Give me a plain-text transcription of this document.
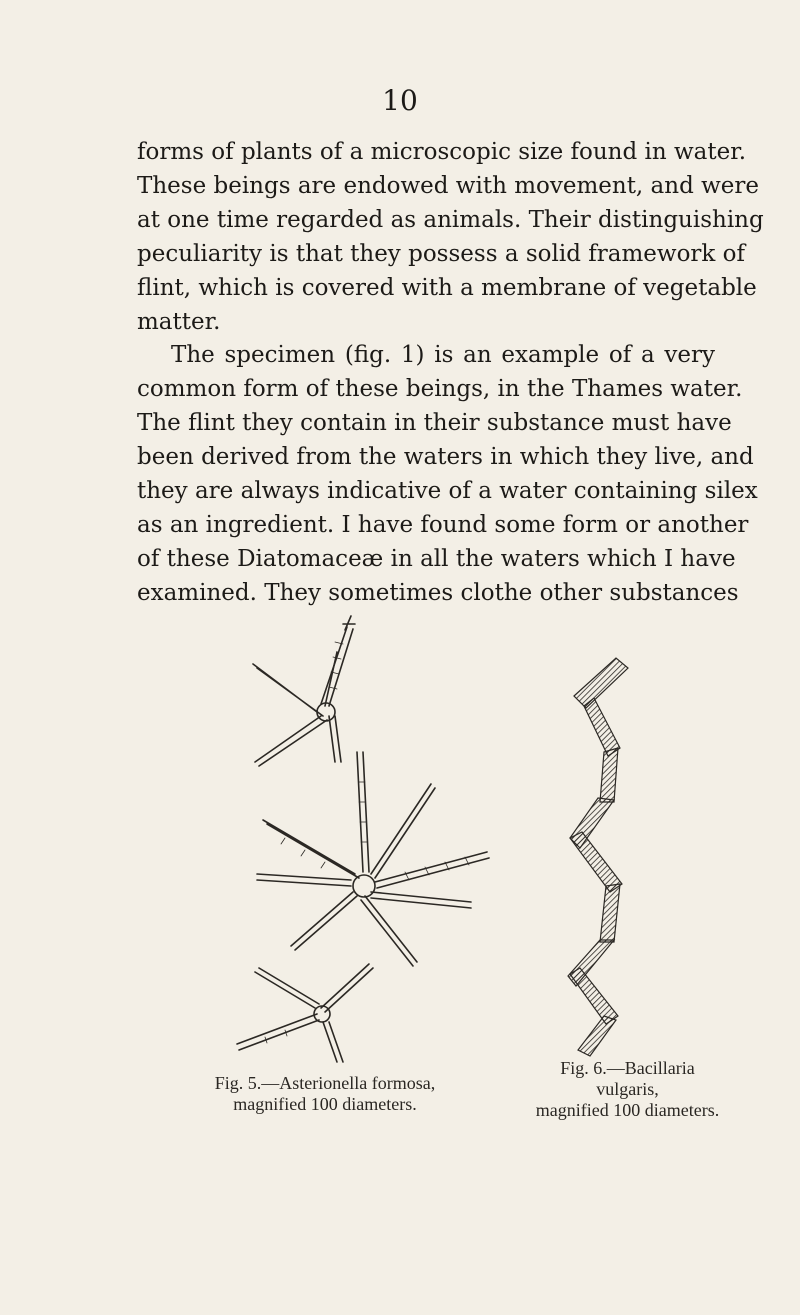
10
forms of plants of a microscopic size found in water.
These beings are endowed with movement, and were
at one time regarded as animals. Their distinguishing
peculiarity is that they possess a solid framework of
flint, which is covered with a membrane of vegetable
matter.
The specimen (fig. 1) is an example of a very
common form of these beings, in the Thames water.
The flint they contain in their substance must have
been derived from the waters in which they live, and
they are always indicative of a water containing silex
as an ingredient. I have found some form or another
of these Diatomaceæ in all the waters which I have
examined. They sometimes clothe other substances
Fig. 5.—Asterionella formosa,
magnified 100 diameters.
Fig. 6.—Bacillaria
vulgaris,
magnified 100 diameters.
